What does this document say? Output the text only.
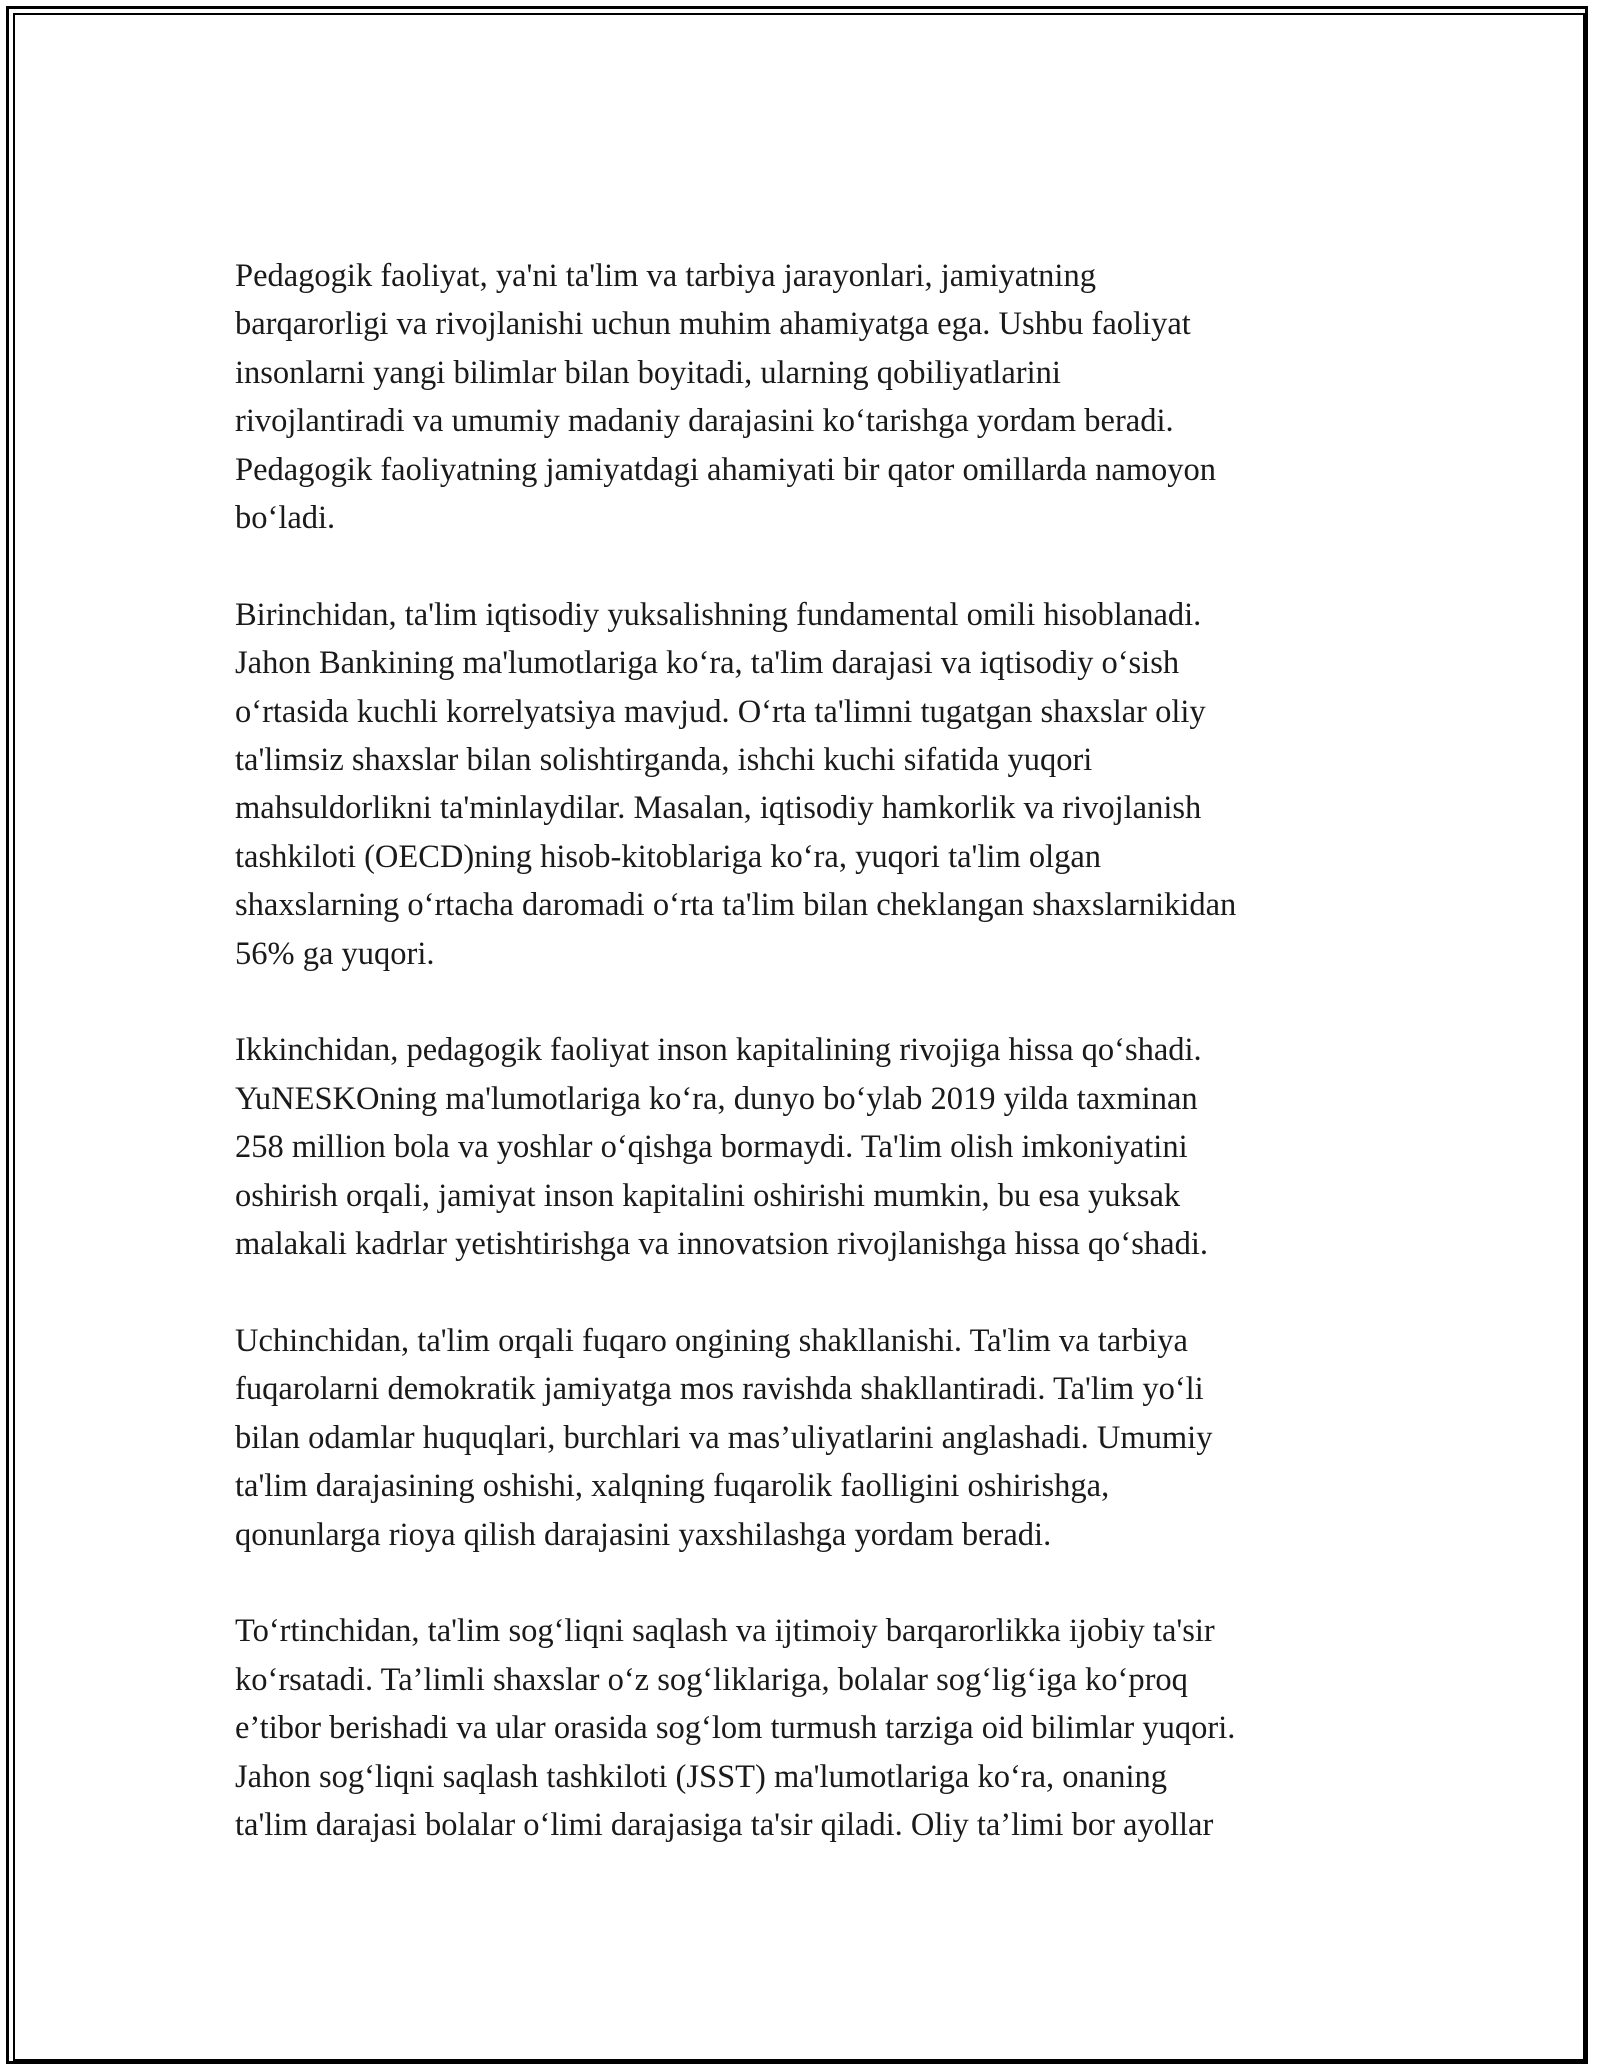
Pedagogik faoliyat, ya'ni ta'lim va tarbiya jarayonlari, jamiyatning
barqarorligi va rivojlanishi uchun muhim ahamiyatga ega. Ushbu faoliyat
insonlarni yangi bilimlar bilan boyitadi, ularning qobiliyatlarini
rivojlantiradi va umumiy madaniy darajasini koʻtarishga yordam beradi.
Pedagogik faoliyatning jamiyatdagi ahamiyati bir qator omillarda namoyon
boʻladi.
Birinchidan, ta'lim iqtisodiy yuksalishning fundamental omili hisoblanadi.
Jahon Bankining ma'lumotlariga koʻra, ta'lim darajasi va iqtisodiy oʻsish
oʻrtasida kuchli korrelyatsiya mavjud. Oʻrta ta'limni tugatgan shaxslar oliy
ta'limsiz shaxslar bilan solishtirganda, ishchi kuchi sifatida yuqori
mahsuldorlikni ta'minlaydilar. Masalan, iqtisodiy hamkorlik va rivojlanish
tashkiloti (OECD)ning hisob-kitoblariga koʻra, yuqori ta'lim olgan
shaxslarning oʻrtacha daromadi oʻrta ta'lim bilan cheklangan shaxslarnikidan
56% ga yuqori.
Ikkinchidan, pedagogik faoliyat inson kapitalining rivojiga hissa qoʻshadi.
YuNESKOning ma'lumotlariga koʻra, dunyo boʻylab 2019 yilda taxminan
258 million bola va yoshlar oʻqishga bormaydi. Ta'lim olish imkoniyatini
oshirish orqali, jamiyat inson kapitalini oshirishi mumkin, bu esa yuksak
malakali kadrlar yetishtirishga va innovatsion rivojlanishga hissa qoʻshadi.
Uchinchidan, ta'lim orqali fuqaro ongining shakllanishi. Ta'lim va tarbiya
fuqarolarni demokratik jamiyatga mos ravishda shakllantiradi. Ta'lim yoʻli
bilan odamlar huquqlari, burchlari va mas’uliyatlarini anglashadi. Umumiy
ta'lim darajasining oshishi, xalqning fuqarolik faolligini oshirishga,
qonunlarga rioya qilish darajasini yaxshilashga yordam beradi.
Toʻrtinchidan, ta'lim sogʻliqni saqlash va ijtimoiy barqarorlikka ijobiy ta'sir
koʻrsatadi. Ta’limli shaxslar oʻz sogʻliklariga, bolalar sogʻligʻiga koʻproq
e’tibor berishadi va ular orasida sogʻlom turmush tarziga oid bilimlar yuqori.
Jahon sogʻliqni saqlash tashkiloti (JSST) ma'lumotlariga koʻra, onaning
ta'lim darajasi bolalar oʻlimi darajasiga ta'sir qiladi. Oliy ta’limi bor ayollar
